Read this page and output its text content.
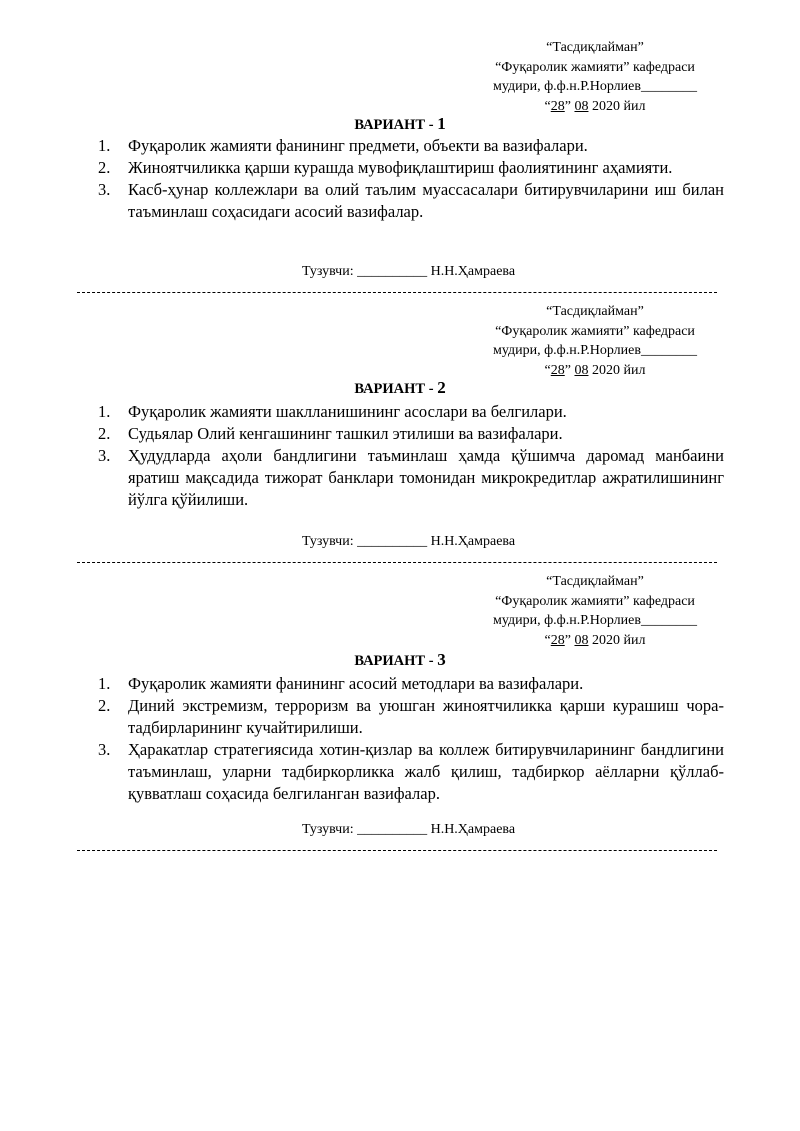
“Тасдиқлайман”
“Фуқаролик жамияти” кафедраси
мудири, ф.ф.н.Р.Норлиев________
“28” 08 2020 йил
ВАРИАНТ - 1
1. Фуқаролик жамияти фанининг предмети, объекти ва вазифалари.
2. Жиноятчиликка қарши курашда мувофиқлаштириш фаолиятининг аҳамияти.
3. Касб-ҳунар коллежлари ва олий таълим муассасалари битирувчиларини иш билан таъминлаш соҳасидаги асосий вазифалар.
Тузувчи: __________ Н.Н.Ҳамраева
“Тасдиқлайман”
“Фуқаролик жамияти” кафедраси
мудири, ф.ф.н.Р.Норлиев________
“28” 08 2020 йил
ВАРИАНТ - 2
1. Фуқаролик жамияти шаклланишининг асослари ва белгилари.
2. Судьялар Олий кенгашининг ташкил этилиши ва вазифалари.
3. Ҳудудларда аҳоли бандлигини таъминлаш ҳамда қўшимча даромад манбаини яратиш мақсадида тижорат банклари томонидан микрокредитлар ажратилишининг йўлга қўйилиши.
Тузувчи: __________ Н.Н.Ҳамраева
“Тасдиқлайман”
“Фуқаролик жамияти” кафедраси
мудири, ф.ф.н.Р.Норлиев________
“28” 08 2020 йил
ВАРИАНТ - 3
1. Фуқаролик жамияти фанининг асосий методлари ва вазифалари.
2. Диний экстремизм, терроризм ва уюшган жиноятчиликка қарши курашиш чора-тадбирларининг кучайтирилиши.
3. Ҳаракатлар стратегиясида хотин-қизлар ва коллеж битирувчиларининг бандлигини таъминлаш, уларни тадбиркорликка жалб қилиш, тадбиркор аёлларни қўллаб-қувватлаш соҳасида белгиланган вазифалар.
Тузувчи: __________ Н.Н.Ҳамраева
